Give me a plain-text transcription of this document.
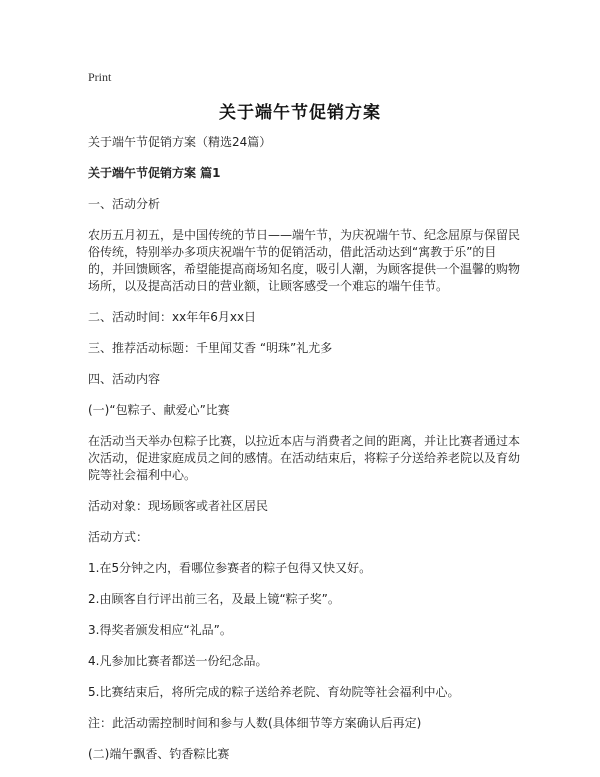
Print
关于端午节促销方案

关于端午节促销方案（精选24篇）

关于端午节促销方案 篇1

一、活动分析

农历五月初五，是中国传统的节日——端午节，为庆祝端午节、纪念屈原与保留民俗传统，特别举办多项庆祝端午节的促销活动，借此活动达到“寓教于乐”的目的，并回馈顾客，希望能提高商场知名度，吸引人潮，为顾客提供一个温馨的购物场所，以及提高活动日的营业额，让顾客感受一个难忘的端午佳节。

二、活动时间：xx年年6月xx日

三、推荐活动标题：千里闻艾香 “明珠”礼尤多

四、活动内容

(一)“包粽子、献爱心”比赛

在活动当天举办包粽子比赛，以拉近本店与消费者之间的距离，并让比赛者通过本次活动，促进家庭成员之间的感情。在活动结束后，将粽子分送给养老院以及育幼院等社会福利中心。

活动对象：现场顾客或者社区居民

活动方式：

1.在5分钟之内，看哪位参赛者的粽子包得又快又好。

2.由顾客自行评出前三名，及最上镜“粽子奖”。

3.得奖者颁发相应“礼品”。

4.凡参加比赛者都送一份纪念品。

5.比赛结束后，将所完成的粽子送给养老院、育幼院等社会福利中心。

注：此活动需控制时间和参与人数(具体细节等方案确认后再定)

(二)端午飘香、钓香粽比赛
